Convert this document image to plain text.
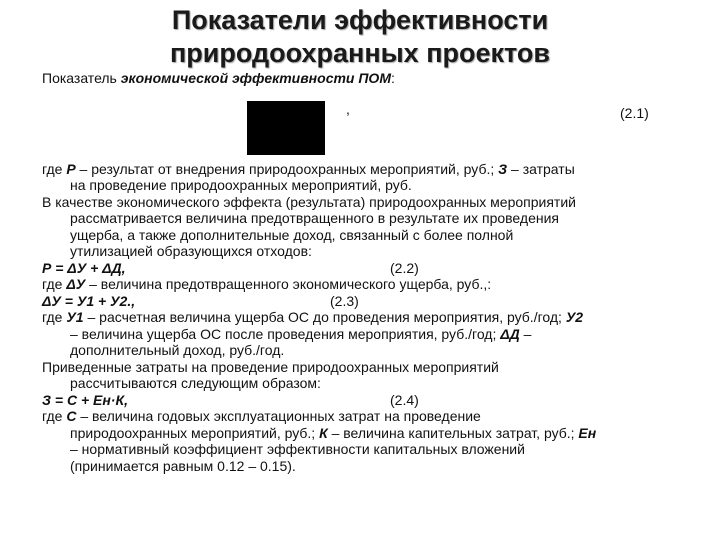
Показатели эффективности
природоохранных проектов
Показатель экономической эффективности ПОМ:
,	(2.1)
где Р – результат от внедрения природоохранных мероприятий, руб.; З – затраты
на проведение природоохранных мероприятий, руб.
В качестве экономического эффекта (результата) природоохранных мероприятий
рассматривается величина предотвращенного в результате их проведения
ущерба, а также дополнительные доход, связанный с более полной
утилизацией образующихся отходов:
Р = ΔУ + ΔД,	(2.2)
где ΔУ – величина предотвращенного экономического ущерба, руб.,:
ΔУ = У1 + У2.,	(2.3)
где У1 – расчетная величина ущерба ОС до проведения мероприятия, руб./год; У2
– величина ущерба ОС после проведения мероприятия, руб./год; ΔД –
дополнительный доход, руб./год.
Приведенные затраты на проведение природоохранных мероприятий
рассчитываются следующим образом:
З = С + Ен·К,	(2.4)
где С – величина годовых эксплуатационных затрат на проведение
природоохранных мероприятий, руб.; К – величина капительных затрат, руб.; Ен
– нормативный коэффициент эффективности капитальных вложений
(принимается равным 0.12 – 0.15).
